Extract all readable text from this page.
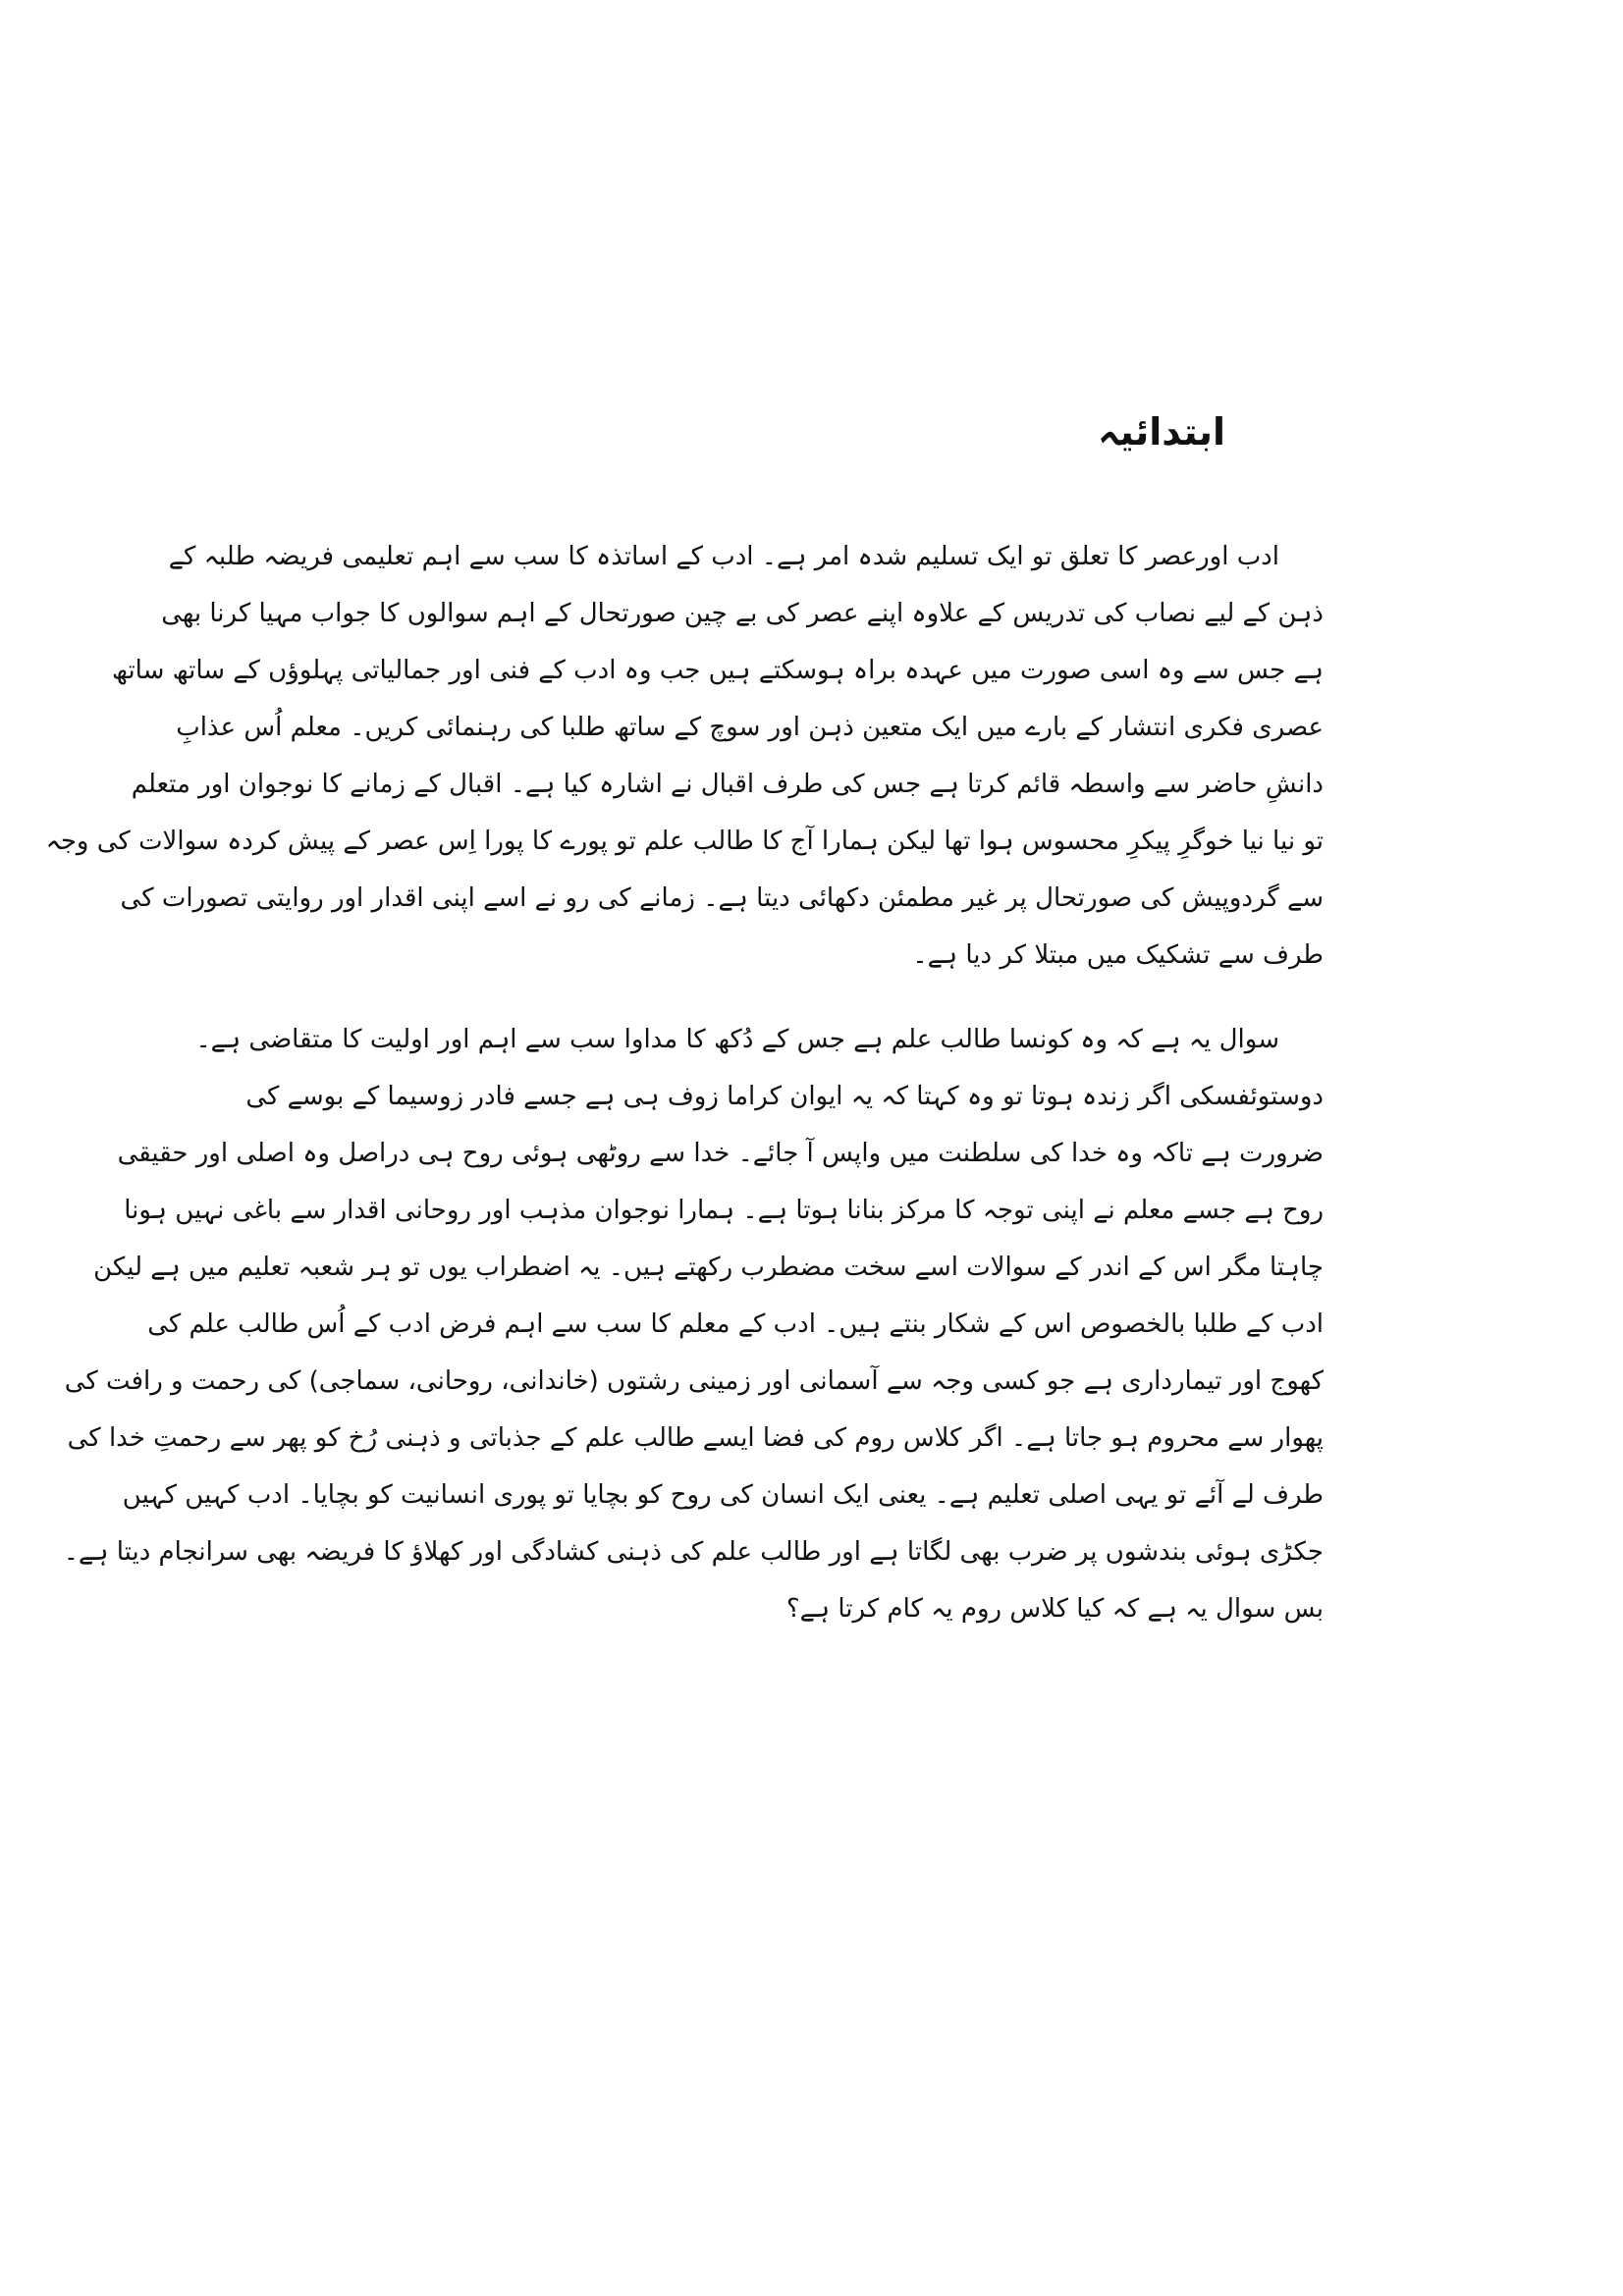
ابتدائیہ

ادب اورعصر کا تعلق تو ایک تسلیم شدہ امر ہے۔ ادب کے اساتذہ کا سب سے اہم تعلیمی فریضہ طلبہ کے
ذہن کے لیے نصاب کی تدریس کے علاوہ اپنے عصر کی بے چین صورتحال کے اہم سوالوں کا جواب مہیا کرنا بھی
ہے جس سے وہ اسی صورت میں عہدہ براہ ہوسکتے ہیں جب وہ ادب کے فنی اور جمالیاتی پہلوؤں کے ساتھ ساتھ
عصری فکری انتشار کے بارے میں ایک متعین ذہن اور سوچ کے ساتھ طلبا کی رہنمائی کریں۔ معلم اُس عذابِ
دانشِ حاضر سے واسطہ قائم کرتا ہے جس کی طرف اقبال نے اشارہ کیا ہے۔ اقبال کے زمانے کا نوجوان اور متعلم
تو نیا نیا خوگرِ پیکرِ محسوس ہوا تھا لیکن ہمارا آج کا طالب علم تو پورے کا پورا اِس عصر کے پیش کردہ سوالات کی وجہ
سے گردوپیش کی صورتحال پر غیر مطمئن دکھائی دیتا ہے۔ زمانے کی رو نے اسے اپنی اقدار اور روایتی تصورات کی
طرف سے تشکیک میں مبتلا کر دیا ہے۔

سوال یہ ہے کہ وہ کونسا طالب علم ہے جس کے دُکھ کا مداوا سب سے اہم اور اولیت کا متقاضی ہے۔
دوستوئفسکی اگر زندہ ہوتا تو وہ کہتا کہ یہ ایوان کراما زوف ہی ہے جسے فادر زوسیما کے بوسے کی
ضرورت ہے تاکہ وہ خدا کی سلطنت میں واپس آ جائے۔ خدا سے روٹھی ہوئی روح ہی دراصل وہ اصلی اور حقیقی
روح ہے جسے معلم نے اپنی توجہ کا مرکز بنانا ہوتا ہے۔ ہمارا نوجوان مذہب اور روحانی اقدار سے باغی نہیں ہونا
چاہتا مگر اس کے اندر کے سوالات اسے سخت مضطرب رکھتے ہیں۔ یہ اضطراب یوں تو ہر شعبہ تعلیم میں ہے لیکن
ادب کے طلبا بالخصوص اس کے شکار بنتے ہیں۔ ادب کے معلم کا سب سے اہم فرض ادب کے اُس طالب علم کی
کھوج اور تیمارداری ہے جو کسی وجہ سے آسمانی اور زمینی رشتوں (خاندانی، روحانی، سماجی) کی رحمت و رافت کی
پھوار سے محروم ہو جاتا ہے۔ اگر کلاس روم کی فضا ایسے طالب علم کے جذباتی و ذہنی رُخ کو پھر سے رحمتِ خدا کی
طرف لے آئے تو یہی اصلی تعلیم ہے۔ یعنی ایک انسان کی روح کو بچایا تو پوری انسانیت کو بچایا۔ ادب کہیں کہیں
جکڑی ہوئی بندشوں پر ضرب بھی لگاتا ہے اور طالب علم کی ذہنی کشادگی اور کھلاؤ کا فریضہ بھی سرانجام دیتا ہے۔
بس سوال یہ ہے کہ کیا کلاس روم یہ کام کرتا ہے؟
